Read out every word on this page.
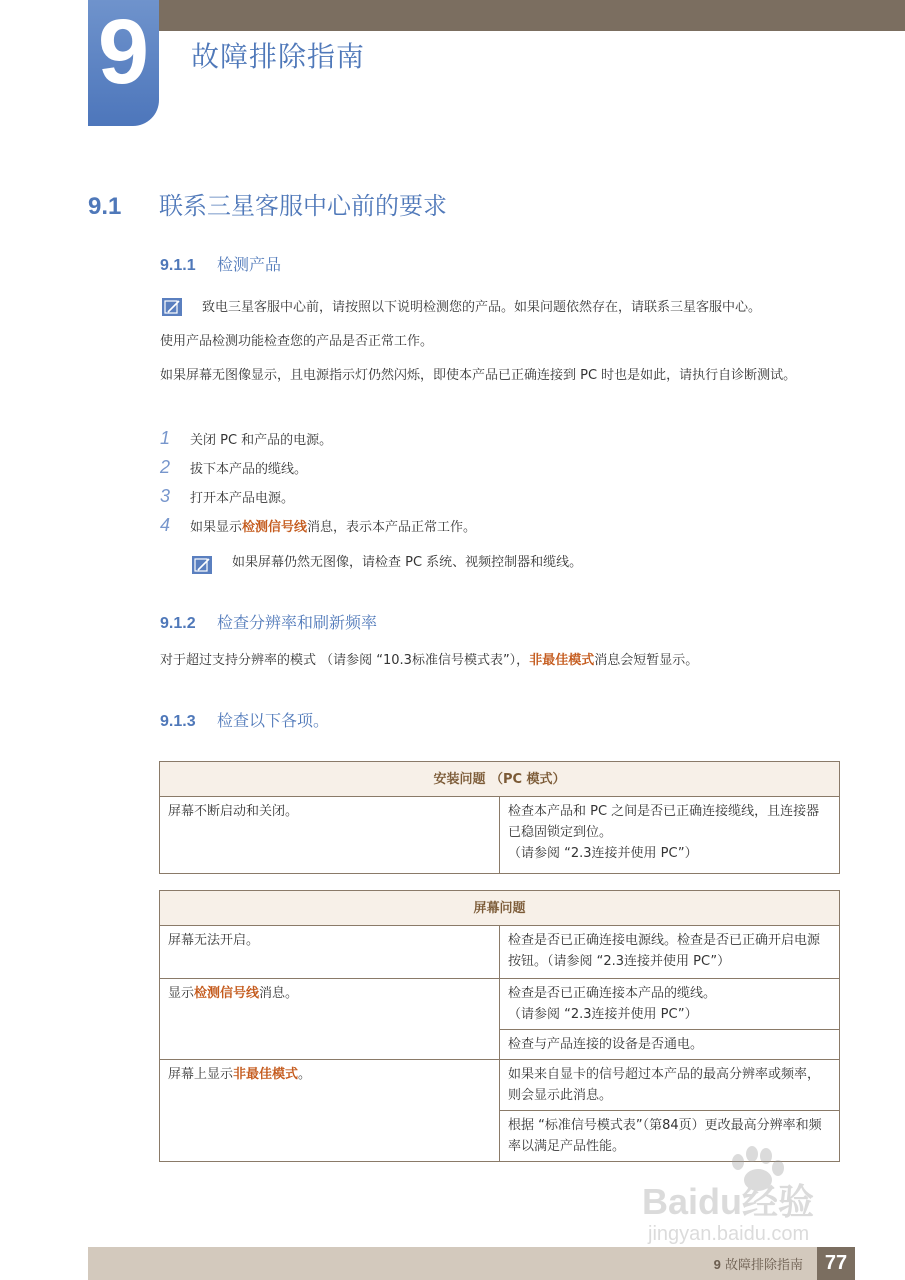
9	故障排除指南
9.1 联系三星客服中心前的要求
9.1.1 检测产品
致电三星客服中心前，请按照以下说明检测您的产品。如果问题依然存在，请联系三星客服中心。
使用产品检测功能检查您的产品是否正常工作。
如果屏幕无图像显示，且电源指示灯仍然闪烁，即使本产品已正确连接到 PC 时也是如此，请执行自诊断测试。
1 关闭 PC 和产品的电源。
2 拔下本产品的缆线。
3 打开本产品电源。
4 如果显示检测信号线消息，表示本产品正常工作。
如果屏幕仍然无图像，请检查 PC 系统、视频控制器和缆线。
9.1.2 检查分辨率和刷新频率
对于超过支持分辨率的模式 （请参阅 “10.3标准信号模式表”），非最佳模式消息会短暂显示。
9.1.3 检查以下各项。
安装问题 （PC 模式）
屏幕不断启动和关闭。	检查本产品和 PC 之间是否已正确连接缆线，且连接器已稳固锁定到位。
（请参阅 “2.3连接并使用 PC”）
屏幕问题	
屏幕无法开启。	检查是否已正确连接电源线。检查是否已正确开启电源按钮。（请参阅 “2.3连接并使用 PC”）
显示检测信号线消息。	检查是否已正确连接本产品的缆线。
（请参阅 “2.3连接并使用 PC”）

	检查与产品连接的设备是否通电。
屏幕上显示非最佳模式。	如果来自显卡的信号超过本产品的最高分辨率或频率，则会显示此消息。
	根据 “标准信号模式表”（第84页）更改最高分辨率和频率以满足产品性能。
Baidu经验
jingyan.baidu.com
9 故障排除指南	77
